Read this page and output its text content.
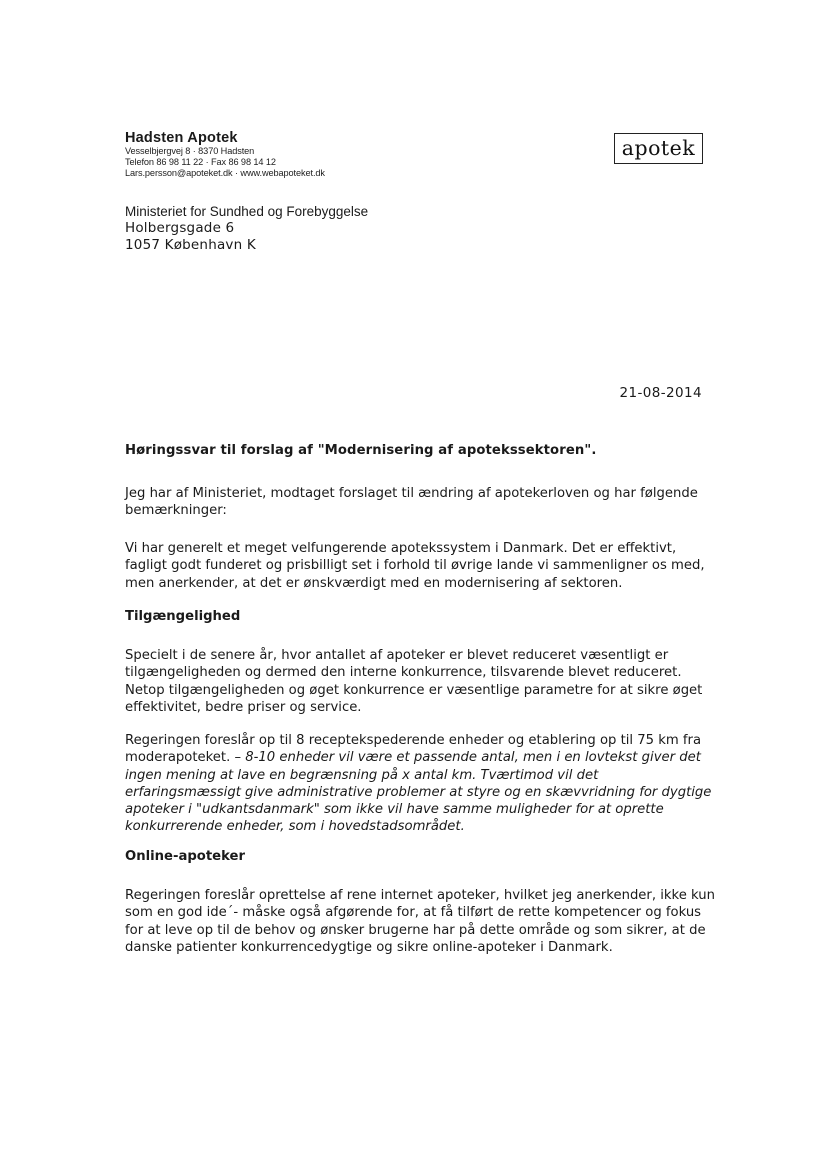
Hadsten Apotek
Vesselbjergvej 8 · 8370 Hadsten
Telefon 86 98 11 22 · Fax 86 98 14 12
Lars.persson@apoteket.dk · www.webapoteket.dk
apotek
Ministeriet for Sundhed og Forebyggelse
Holbergsgade 6
1057 København K
21-08-2014
Høringssvar til forslag af "Modernisering af apotekssektoren".
Jeg har af Ministeriet, modtaget forslaget til ændring af apotekerloven og har følgende bemærkninger:
Vi har generelt et meget velfungerende apotekssystem i Danmark. Det er effektivt, fagligt godt funderet og prisbilligt set i forhold til øvrige lande vi sammenligner os med, men anerkender, at det er ønskværdigt med en modernisering af sektoren.
Tilgængelighed
Specielt i de senere år, hvor antallet af apoteker er blevet reduceret væsentligt er tilgængeligheden og dermed den interne konkurrence, tilsvarende blevet reduceret. Netop tilgængeligheden og øget konkurrence er væsentlige parametre for at sikre øget effektivitet, bedre priser og service.
Regeringen foreslår op til 8 receptekspederende enheder og etablering op til 75 km fra moderapoteket. – 8-10 enheder vil være et passende antal, men i en lovtekst giver det ingen mening at lave en begrænsning på x antal km. Tværtimod vil det erfaringsmæssigt give administrative problemer at styre og en skævvridning for dygtige apoteker i "udkantsdanmark" som ikke vil have samme muligheder for at oprette konkurrerende enheder, som i hovedstadsområdet.
Online-apoteker
Regeringen foreslår oprettelse af rene internet apoteker, hvilket jeg anerkender, ikke kun som en god ide´- måske også afgørende for, at få tilført de rette kompetencer og fokus for at leve op til de behov og ønsker brugerne har på dette område og som sikrer, at de danske patienter konkurrencedygtige og sikre online-apoteker i Danmark.
